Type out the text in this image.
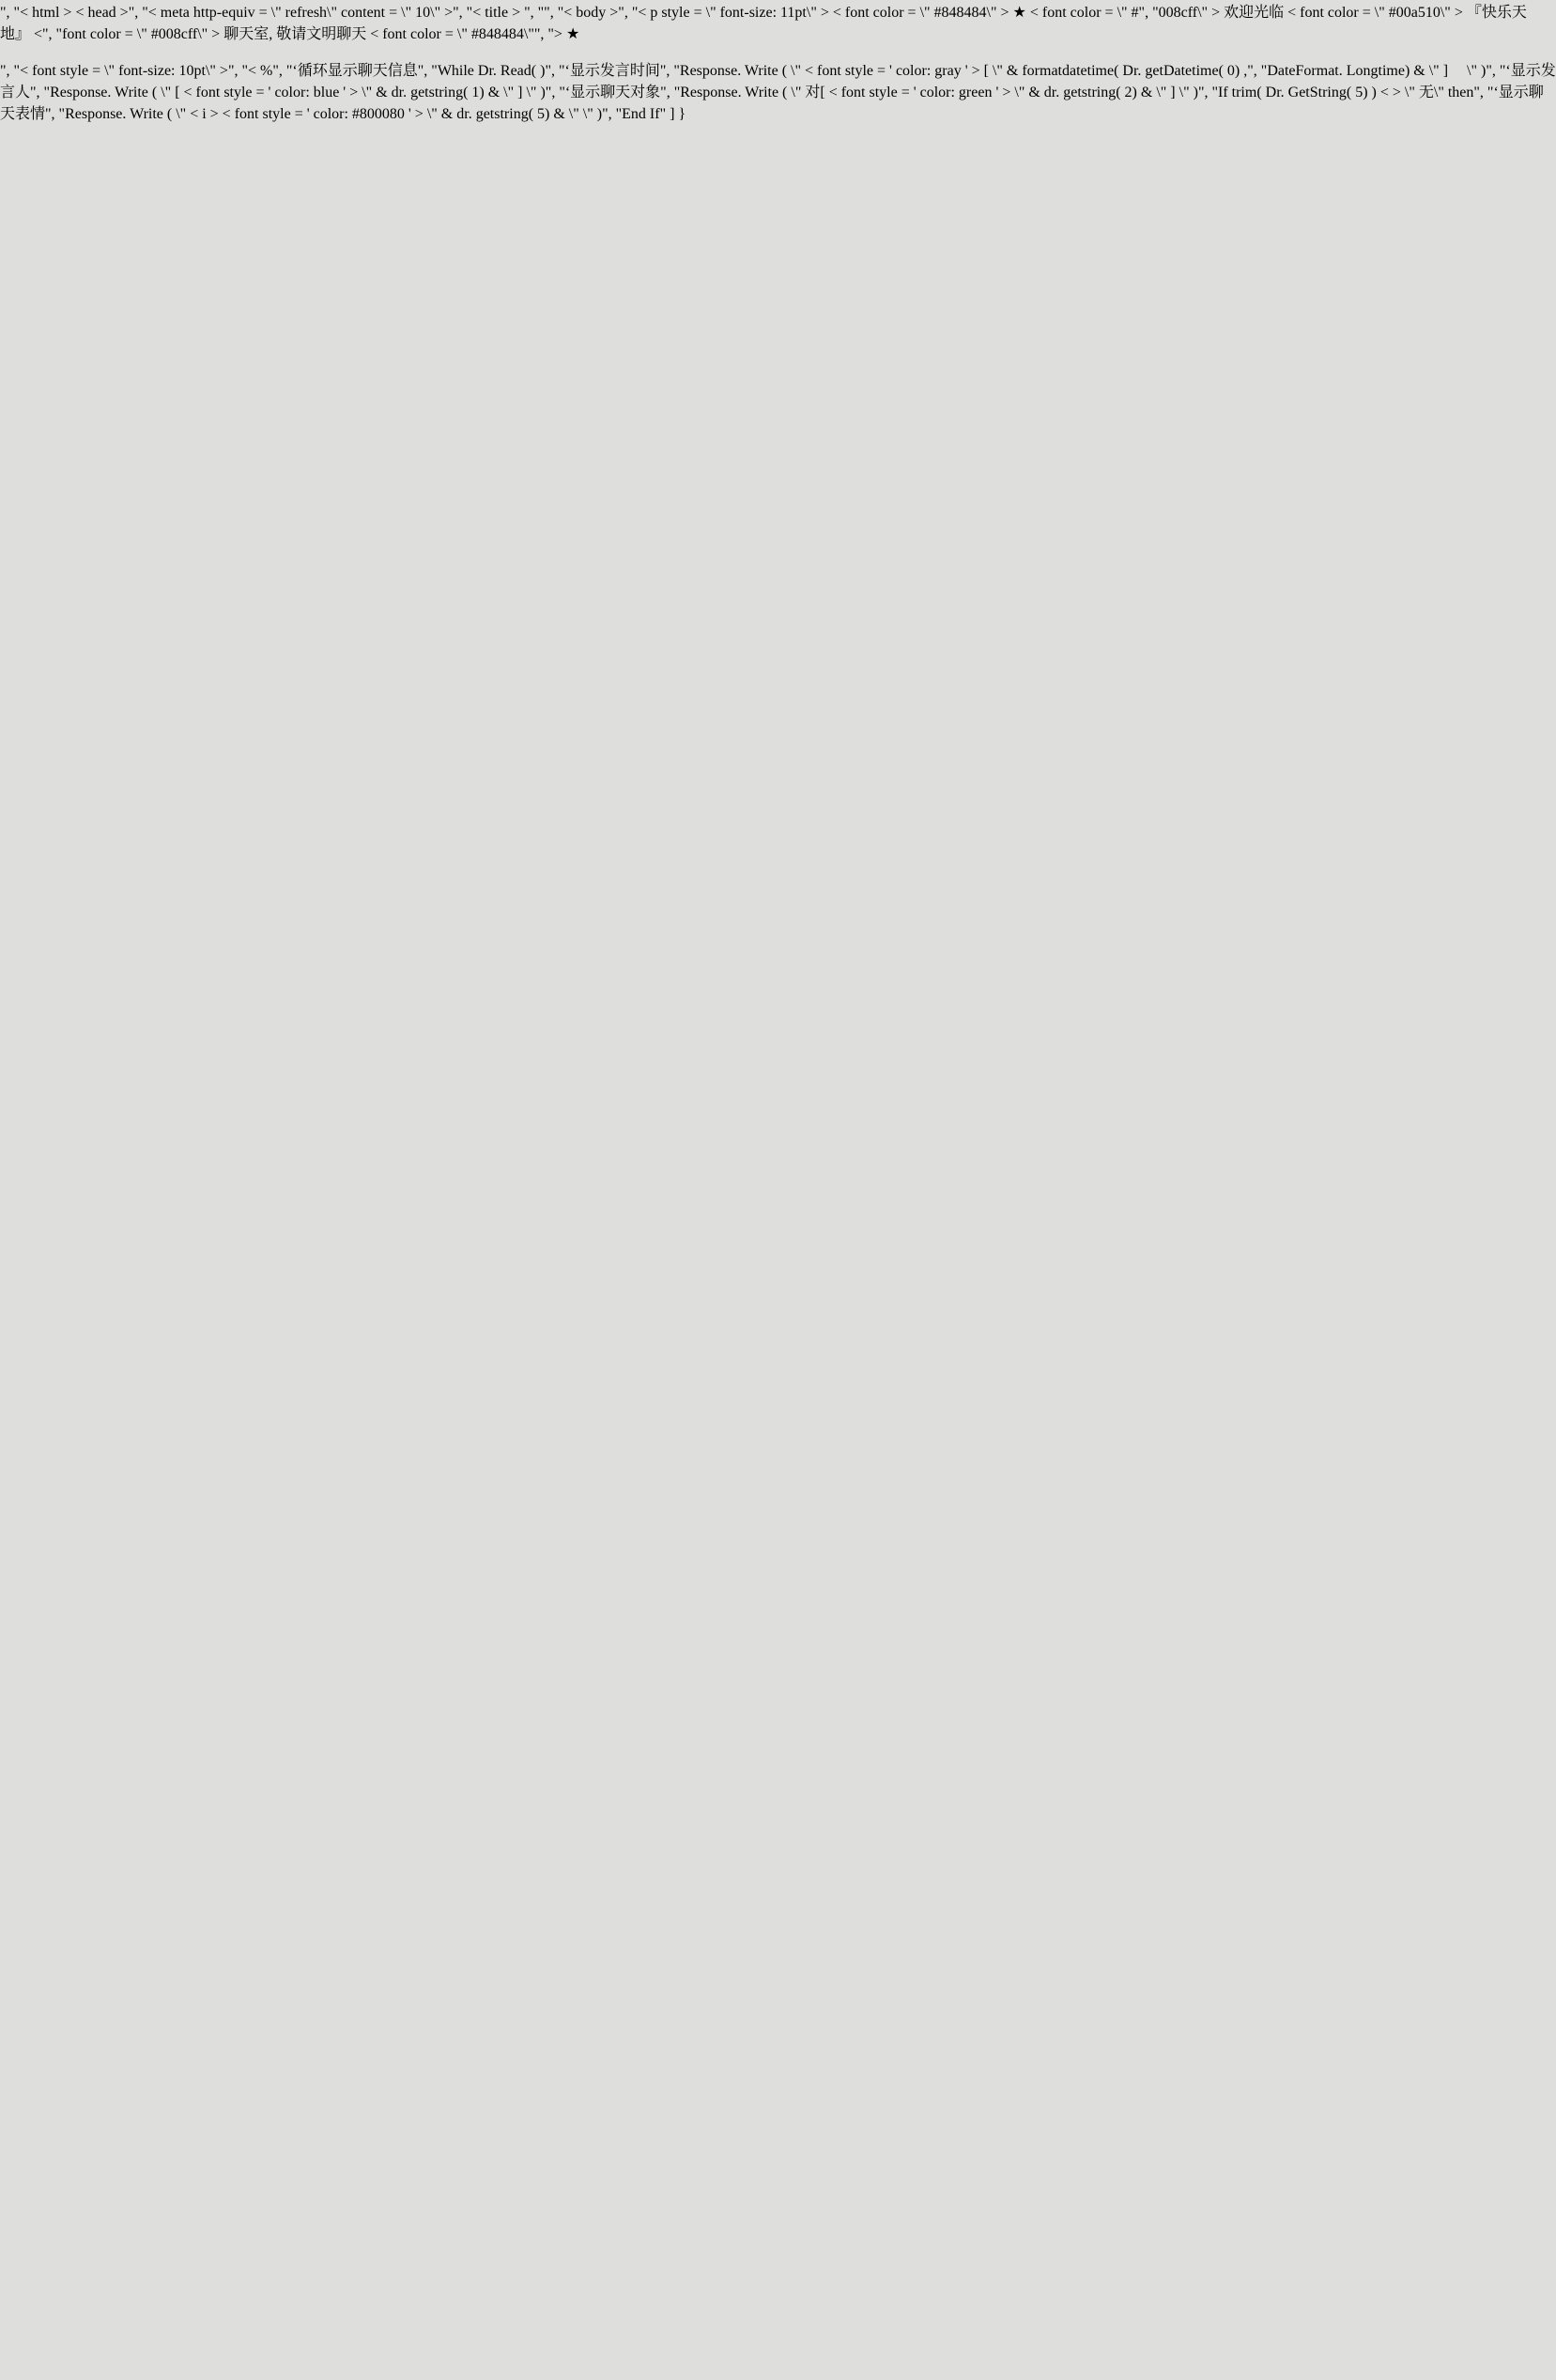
", "< html > < head >", "< meta http-equiv = \" refresh\" content = \" 10\" >", "< title > ", "", "< body >", "< p style = \" font-size: 11pt\" > < font color = \" #848484\" > ★ < font color = \" #", "008cff\" > 欢迎光临 < font color = \" #00a510\" > 『快乐天地』 <", "font color = \" #008cff\" > 聊天室, 敬请文明聊天 < font color = \" #848484\"", "> ★

", "< font style = \" font-size: 10pt\" >", "< %", "‘循环显示聊天信息", "While Dr. Read( )", "‘显示发言时间", "Response. Write ( \" < font style = ' color: gray ' > [ \" & formatdatetime( Dr. getDatetime( 0) ,", "DateFormat. Longtime) & \" ]     \" )", "‘显示发言人", "Response. Write ( \" [ < font style = ' color: blue ' > \" & dr. getstring( 1) & \" ] \" )", "‘显示聊天对象", "Response. Write ( \" 对[ < font style = ' color: green ' > \" & dr. getstring( 2) & \" ] \" )", "If trim( Dr. GetString( 5) ) < > \" 无\" then", "‘显示聊天表情", "Response. Write ( \" < i > < font style = ' color: #800080 ' > \" & dr. getstring( 5) & \" \" )", "End If" ] }
